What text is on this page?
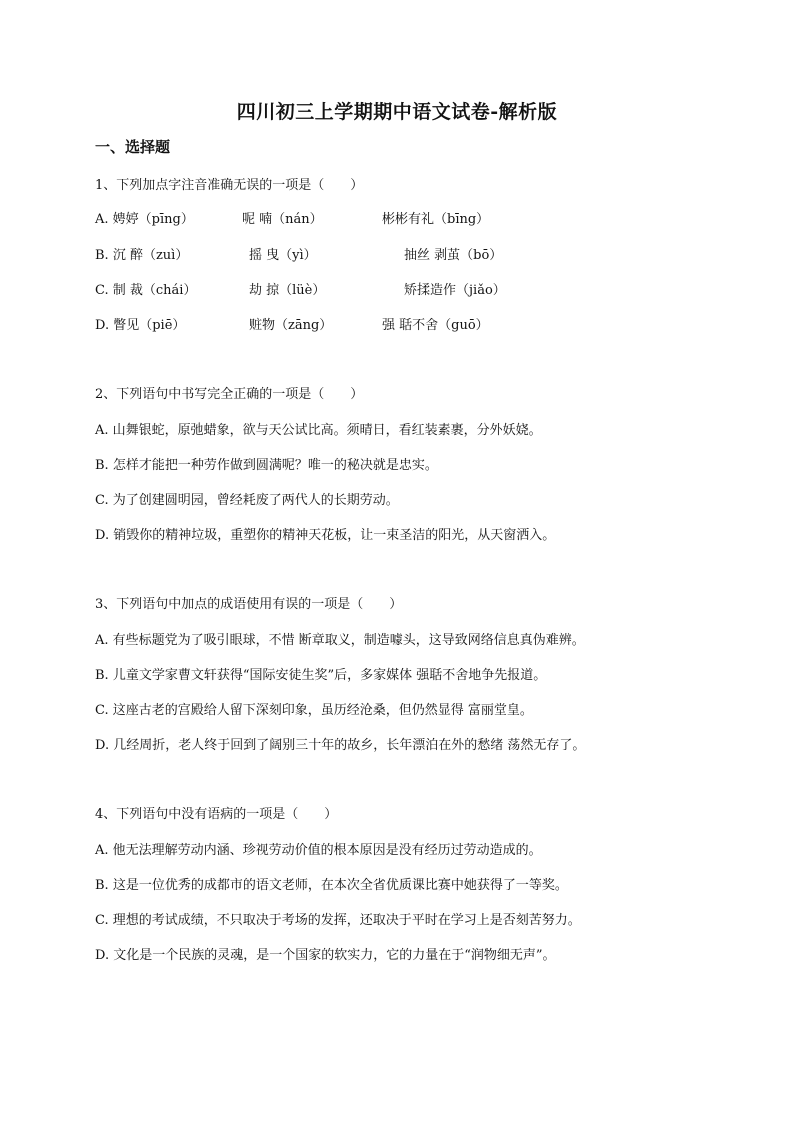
四川初三上学期期中语文试卷-解析版
一、选择题
1、下列加点字注音准确无误的一项是（　　）
A. 娉婷（pīng）	呢 喃（nán）	彬彬有礼（bīng）
B. 沉 醉（zuì）	摇 曳（yì）	抽丝 剥茧（bō）
C. 制 裁（chái）	劫 掠（lüè）	矫揉造作（jiǎo）
D. 瞥见（piē）	赃物（zāng）	强 聒不舍（guō）
2、下列语句中书写完全正确的一项是（　　）
A. 山舞银蛇，原弛蜡象，欲与天公试比高。须晴日，看红装素裹，分外妖娆。
B. 怎样才能把一种劳作做到圆满呢？唯一的秘决就是忠实。
C. 为了创建圆明园，曾经耗废了两代人的长期劳动。
D. 销毁你的精神垃圾，重塑你的精神天花板，让一束圣洁的阳光，从天窗洒入。
3、下列语句中加点的成语使用有误的一项是（　　）
A. 有些标题党为了吸引眼球，不惜 断章取义，制造噱头，这导致网络信息真伪难辨。
B. 儿童文学家曹文轩获得“国际安徒生奖”后，多家媒体 强聒不舍地争先报道。
C. 这座古老的宫殿给人留下深刻印象，虽历经沧桑，但仍然显得 富丽堂皇。
D. 几经周折，老人终于回到了阔别三十年的故乡，长年漂泊在外的愁绪 荡然无存了。
4、下列语句中没有语病的一项是（　　）
A. 他无法理解劳动内涵、珍视劳动价值的根本原因是没有经历过劳动造成的。
B. 这是一位优秀的成都市的语文老师，在本次全省优质课比赛中她获得了一等奖。
C. 理想的考试成绩，不只取决于考场的发挥，还取决于平时在学习上是否刻苦努力。
D. 文化是一个民族的灵魂，是一个国家的软实力，它的力量在于“润物细无声”。
